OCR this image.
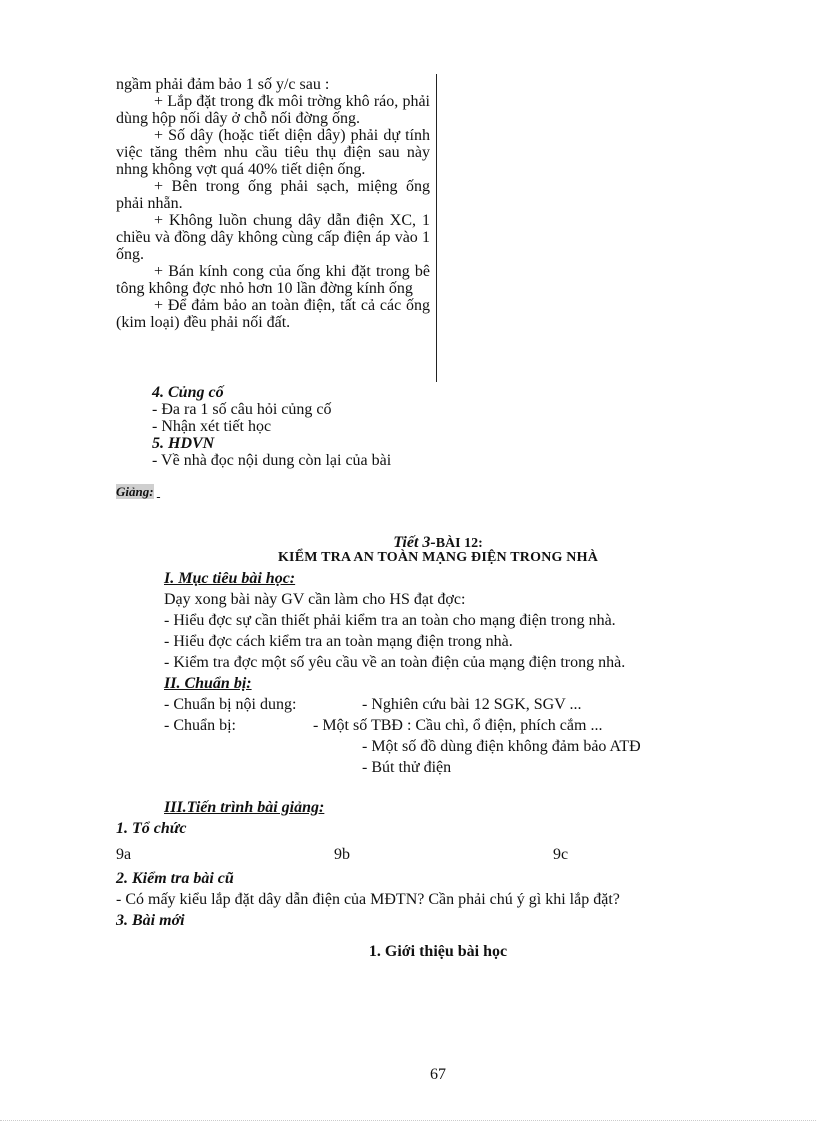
ngầm phải đảm bảo 1 số y/c sau :

+ Lắp đặt trong đk môi trờng khô ráo, phải dùng hộp nối dây ở chỗ nối đờng ống.

+ Số dây (hoặc tiết diện dây) phải dự tính việc tăng thêm nhu cầu tiêu thụ điện sau này nhng không vợt quá 40% tiết diện ống.

+ Bên trong ống phải sạch, miệng ống phải nhẵn.

+ Không luồn chung dây dẫn điện XC, 1 chiều và đồng dây không cùng cấp điện áp vào 1 ống.

+ Bán kính cong của ống khi đặt trong bê tông không đợc nhỏ hơn 10 lần đờng kính ống

+ Để đảm bảo an toàn điện, tất cả các ống (kim loại) đều phải nối đất.

4. Củng cố
- Đa ra 1 số câu hỏi củng cố
- Nhận xét tiết học
5. HDVN
- Về nhà đọc nội dung còn lại của bài
Giảng:
Tiết 3-BÀI 12:
KIỂM TRA AN TOÀN MẠNG ĐIỆN TRONG NHÀ
I. Mục tiêu bài học:
Dạy xong bài này GV cần làm cho HS đạt đợc:
- Hiểu đợc sự cần thiết phải kiểm tra an toàn cho mạng điện trong nhà.
- Hiểu đợc cách kiểm tra an toàn mạng điện trong nhà.
- Kiểm tra đợc một số yêu cầu về an toàn điện của mạng điện trong nhà.
II. Chuẩn bị:
- Chuẩn bị nội dung:	- Nghiên cứu bài 12 SGK, SGV ...
- Chuẩn bị:	- Một số TBĐ : Cầu chì, ổ điện, phích cắm ...
- Một số đồ dùng điện không đảm bảo ATĐ
- Bút thử điện
III.Tiến trình bài giảng:
1. Tổ chức
9a	9b	9c
2. Kiểm tra bài cũ
- Có mấy kiểu lắp đặt dây dẫn điện của MĐTN? Cần phải chú ý gì khi lắp đặt?
3. Bài mới
1. Giới thiệu bài học
67
